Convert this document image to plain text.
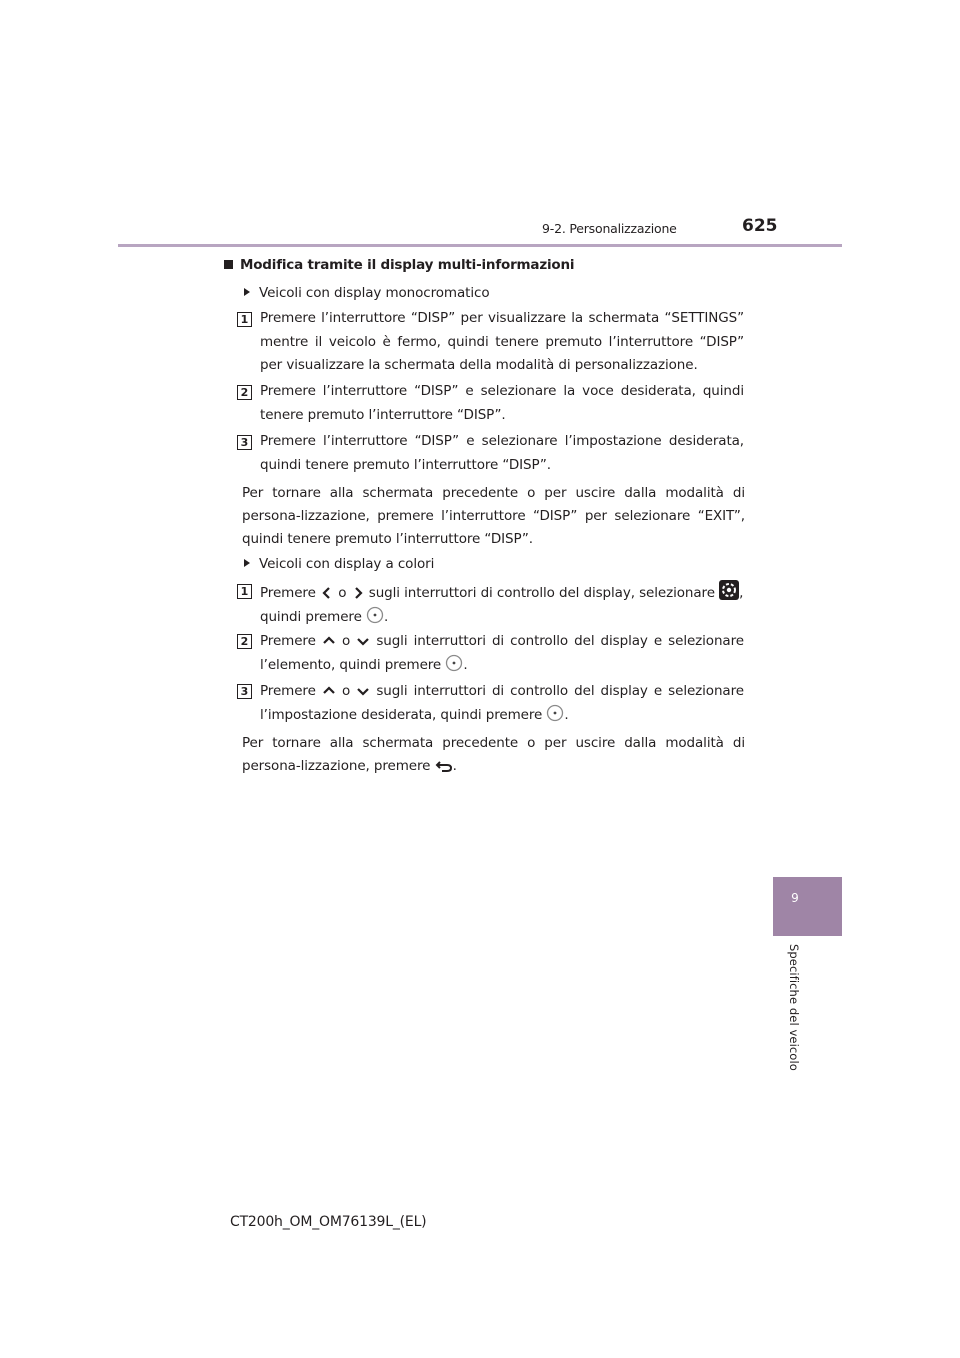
9-2. Personalizzazione	625
9
Specifiche del veicolo
Modifica tramite il display multi-informazioni
Veicoli con display monocromatico
1 Premere l’interruttore “DISP” per visualizzare la schermata “SETTINGS” mentre il veicolo è fermo, quindi tenere premuto l’interruttore “DISP” per visualizzare la schermata della modalità di personalizzazione.
2 Premere l’interruttore “DISP” e selezionare la voce desiderata, quindi tenere premuto l’interruttore “DISP”.
3 Premere l’interruttore “DISP” e selezionare l’impostazione desiderata, quindi tenere premuto l’interruttore “DISP”.
Per tornare alla schermata precedente o per uscire dalla modalità di persona-lizzazione, premere l’interruttore “DISP” per selezionare “EXIT”, quindi tenere premuto l’interruttore “DISP”.
Veicoli con display a colori
1 Premere o sugli interruttori di controllo del display, selezionare ,
quindi premere .
2 Premere o sugli interruttori di controllo del display e selezionare l’elemento, quindi premere .
3 Premere o sugli interruttori di controllo del display e selezionare l’impostazione desiderata, quindi premere .
Per tornare alla schermata precedente o per uscire dalla modalità di persona-lizzazione, premere .
CT200h_OM_OM76139L_(EL)
